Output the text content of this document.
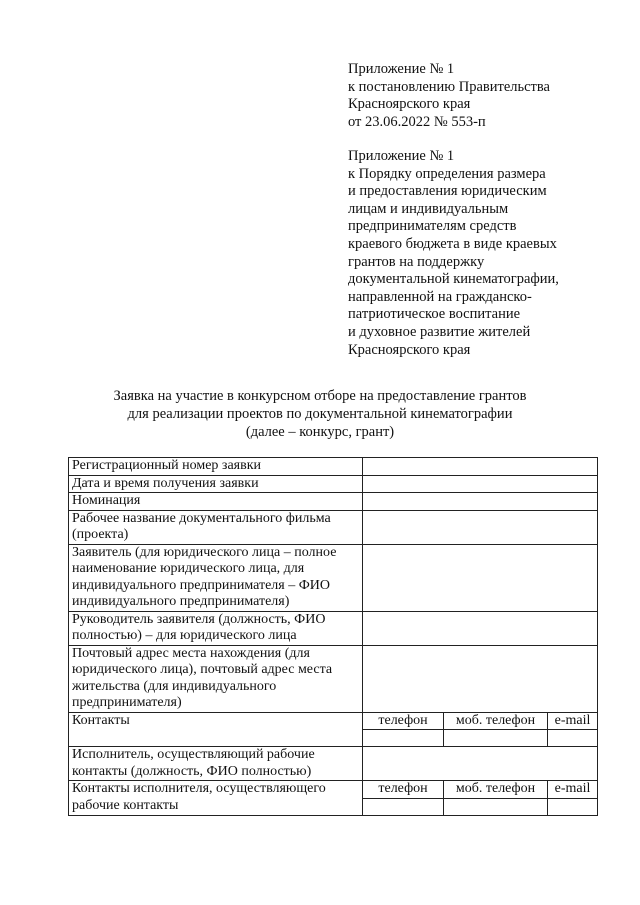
Приложение № 1
к постановлению Правительства
Красноярского края
от 23.06.2022 № 553-п
Приложение № 1
к Порядку определения размера
и предоставления юридическим
лицам и индивидуальным
предпринимателям средств
краевого бюджета в виде краевых
грантов на поддержку
документальной кинематографии,
направленной на гражданско-
патриотическое воспитание
и духовное развитие жителей
Красноярского края
Заявка на участие в конкурсном отборе на предоставление грантов
для реализации проектов по документальной кинематографии
(далее – конкурс, грант)
Регистрационный номер заявки			
Дата и время получения заявки			
Номинация			
Рабочее название документального фильма (проекта)			
Заявитель (для юридического лица – полное наименование юридического лица, для индивидуального предпринимателя – ФИО индивидуального предпринимателя)			
Руководитель заявителя (должность, ФИО полностью) – для юридического лица			
Почтовый адрес места нахождения (для юридического лица), почтовый адрес места жительства (для индивидуального предпринимателя)			
Контакты	телефон	моб. телефон	e-mail

Исполнитель, осуществляющий рабочие контакты (должность, ФИО полностью)			
Контакты исполнителя, осуществляющего рабочие контакты	телефон	моб. телефон	e-mail
